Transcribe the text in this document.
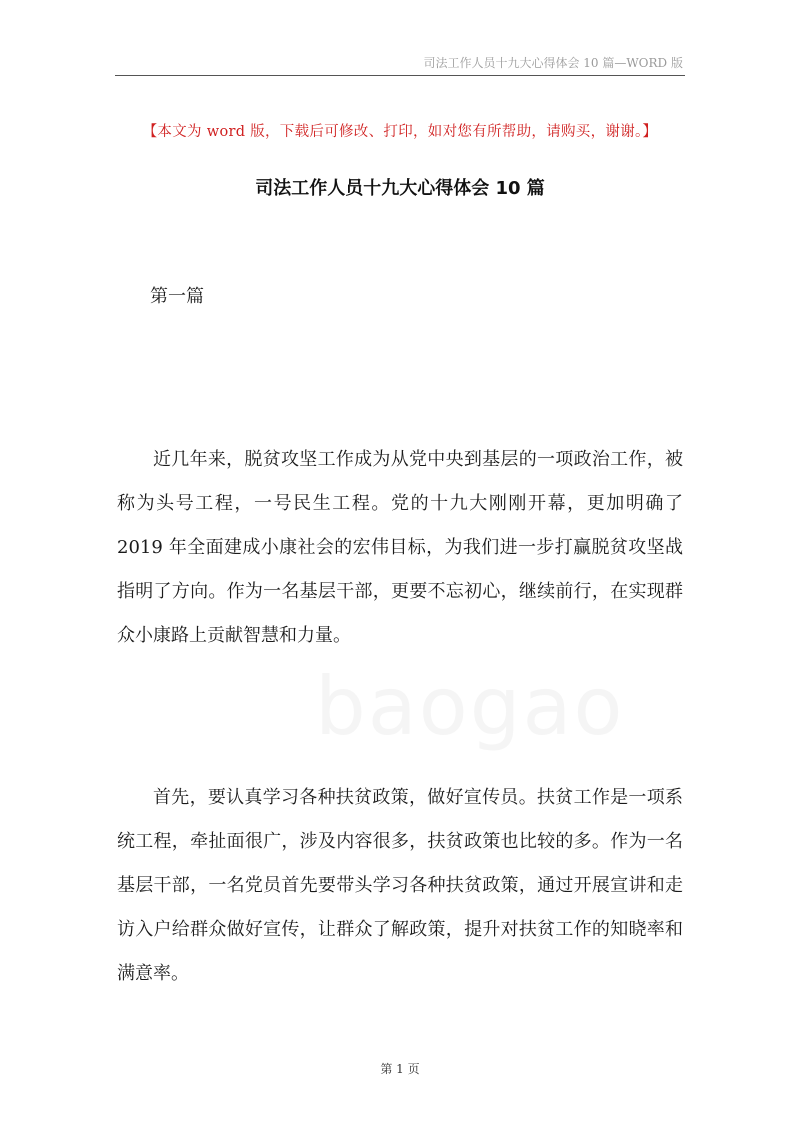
司法工作人员十九大心得体会 10 篇—WORD 版
【本文为 word 版，下载后可修改、打印，如对您有所帮助，请购买，谢谢。】
司法工作人员十九大心得体会 10 篇
第一篇

近几年来，脱贫攻坚工作成为从党中央到基层的一项政治工作，被称为头号工程，一号民生工程。党的十九大刚刚开幕，更加明确了 2019 年全面建成小康社会的宏伟目标，为我们进一步打赢脱贫攻坚战指明了方向。作为一名基层干部，更要不忘初心，继续前行，在实现群众小康路上贡献智慧和力量。

baogao

首先，要认真学习各种扶贫政策，做好宣传员。扶贫工作是一项系统工程，牵扯面很广，涉及内容很多，扶贫政策也比较的多。作为一名基层干部，一名党员首先要带头学习各种扶贫政策，通过开展宣讲和走访入户给群众做好宣传，让群众了解政策，提升对扶贫工作的知晓率和满意率。

第 1 页
